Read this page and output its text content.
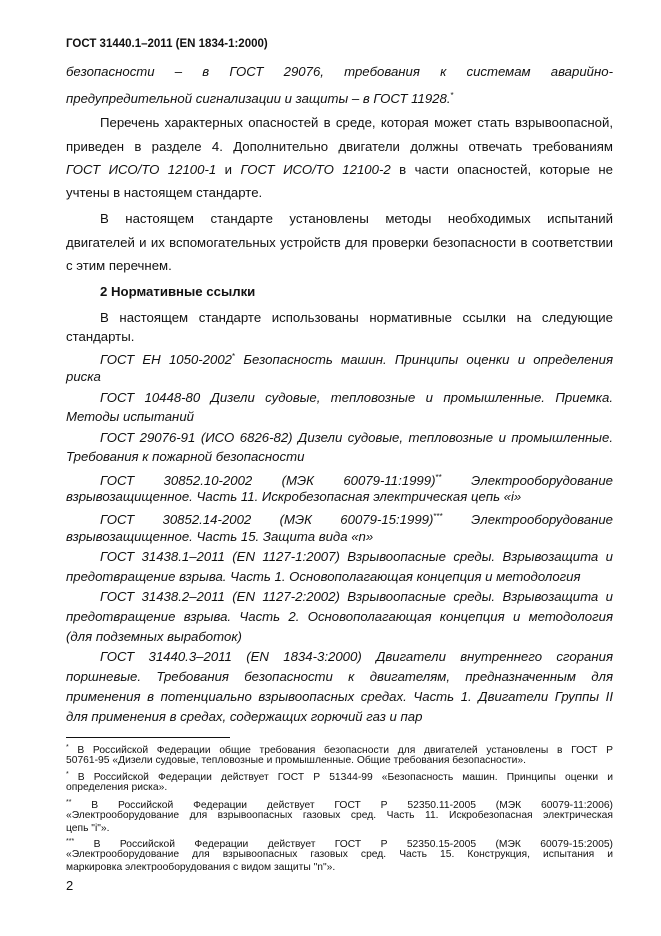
ГОСТ 31440.1–2011 (EN 1834-1:2000)
безопасности – в ГОСТ 29076, требования к системам аварийно-
предупредительной сигнализации и защиты – в ГОСТ 11928.*
Перечень характерных опасностей в среде, которая может стать взрывоопасной,
приведен в разделе 4. Дополнительно двигатели должны отвечать требованиям
ГОСТ ИСО/ТО 12100-1 и ГОСТ ИСО/ТО 12100-2 в части опасностей, которые не
учтены в настоящем стандарте.
В настоящем стандарте установлены методы необходимых испытаний
двигателей и их вспомогательных устройств для проверки безопасности в соответствии
с этим перечнем.
2 Нормативные ссылки
В настоящем стандарте использованы нормативные ссылки на следующие
стандарты.
ГОСТ ЕН 1050-2002* Безопасность машин. Принципы оценки и определения
риска
ГОСТ 10448-80 Дизели судовые, тепловозные и промышленные. Приемка.
Методы испытаний
ГОСТ 29076-91 (ИСО 6826-82) Дизели судовые, тепловозные и промышленные.
Требования к пожарной безопасности
ГОСТ 30852.10-2002 (МЭК 60079-11:1999)** Электрооборудование
взрывозащищенное. Часть 11. Искробезопасная электрическая цепь «i»
ГОСТ 30852.14-2002 (МЭК 60079-15:1999)*** Электрооборудование
взрывозащищенное. Часть 15. Защита вида «n»
ГОСТ 31438.1–2011 (EN 1127-1:2007) Взрывоопасные среды. Взрывозащита и
предотвращение взрыва. Часть 1. Основополагающая концепция и методология
ГОСТ 31438.2–2011 (EN 1127-2:2002) Взрывоопасные среды. Взрывозащита и
предотвращение взрыва. Часть 2. Основополагающая концепция и методология
(для подземных выработок)
ГОСТ 31440.3–2011 (EN 1834-3:2000) Двигатели внутреннего сгорания
поршневые. Требования безопасности к двигателям, предназначенным для
применения в потенциально взрывоопасных средах. Часть 1. Двигатели Группы II
для применения в средах, содержащих горючий газ и пар
* В Российской Федерации общие требования безопасности для двигателей установлены в ГОСТ Р
50761-95 «Дизели судовые, тепловозные и промышленные. Общие требования безопасности».
* В Российской Федерации действует ГОСТ Р 51344-99 «Безопасность машин. Принципы оценки и
определения риска».
** В Российской Федерации действует ГОСТ Р 52350.11-2005 (МЭК 60079-11:2006)
«Электрооборудование для взрывоопасных газовых сред. Часть 11. Искробезопасная электрическая
цепь "i"».
*** В Российской Федерации действует ГОСТ Р 52350.15-2005 (МЭК 60079-15:2005)
«Электрооборудование для взрывоопасных газовых сред. Часть 15. Конструкция, испытания и
маркировка электрооборудования с видом защиты "n"».
2
